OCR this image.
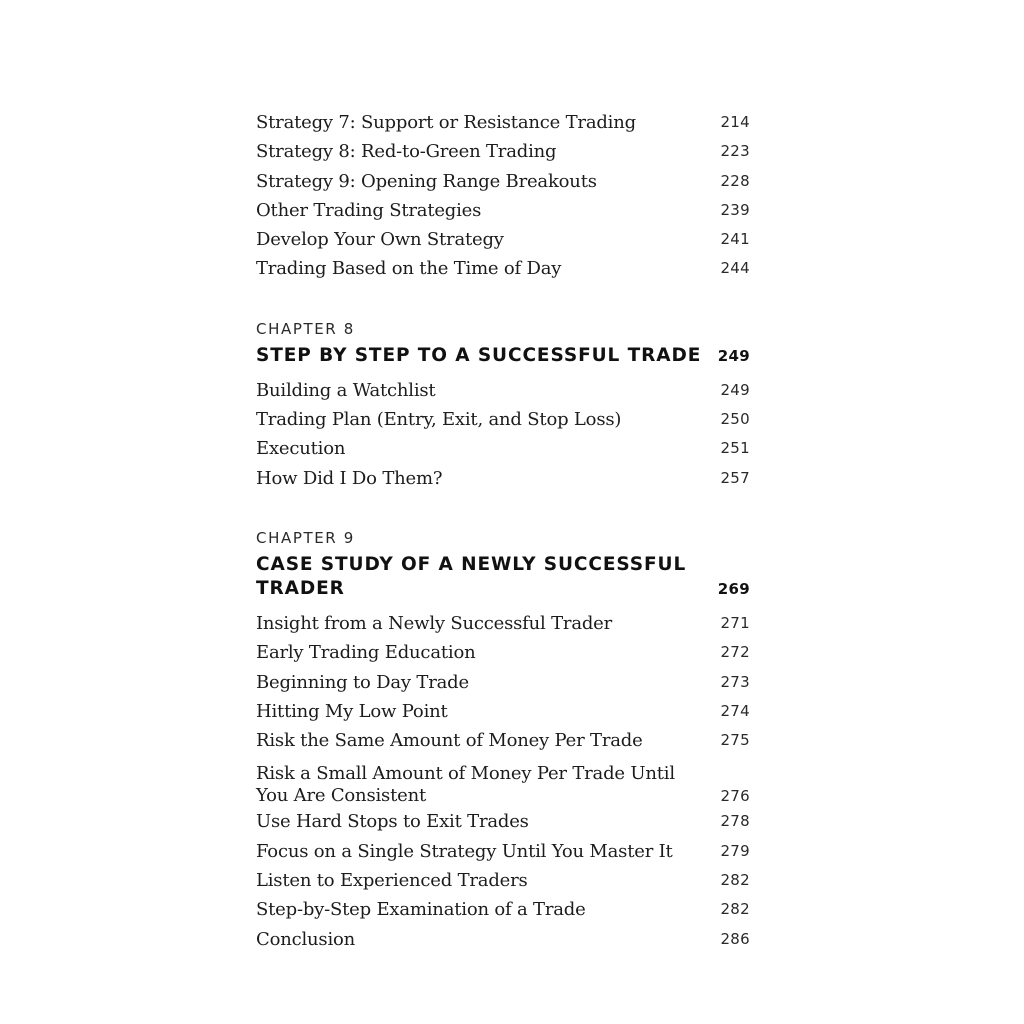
Strategy 7: Support or Resistance Trading	214
Strategy 8: Red-to-Green Trading	223
Strategy 9: Opening Range Breakouts	228
Other Trading Strategies	239
Develop Your Own Strategy	241
Trading Based on the Time of Day	244
CHAPTER 8
STEP BY STEP TO A SUCCESSFUL TRADE 249
Building a Watchlist	249
Trading Plan (Entry, Exit, and Stop Loss)	250
Execution	251
How Did I Do Them?	257
CHAPTER 9
CASE STUDY OF A NEWLY SUCCESSFUL TRADER	269
Insight from a Newly Successful Trader	271
Early Trading Education	272
Beginning to Day Trade	273
Hitting My Low Point	274
Risk the Same Amount of Money Per Trade	275
Risk a Small Amount of Money Per Trade Until You Are Consistent	276
Use Hard Stops to Exit Trades	278
Focus on a Single Strategy Until You Master It	279
Listen to Experienced Traders	282
Step-by-Step Examination of a Trade	282
Conclusion	286
